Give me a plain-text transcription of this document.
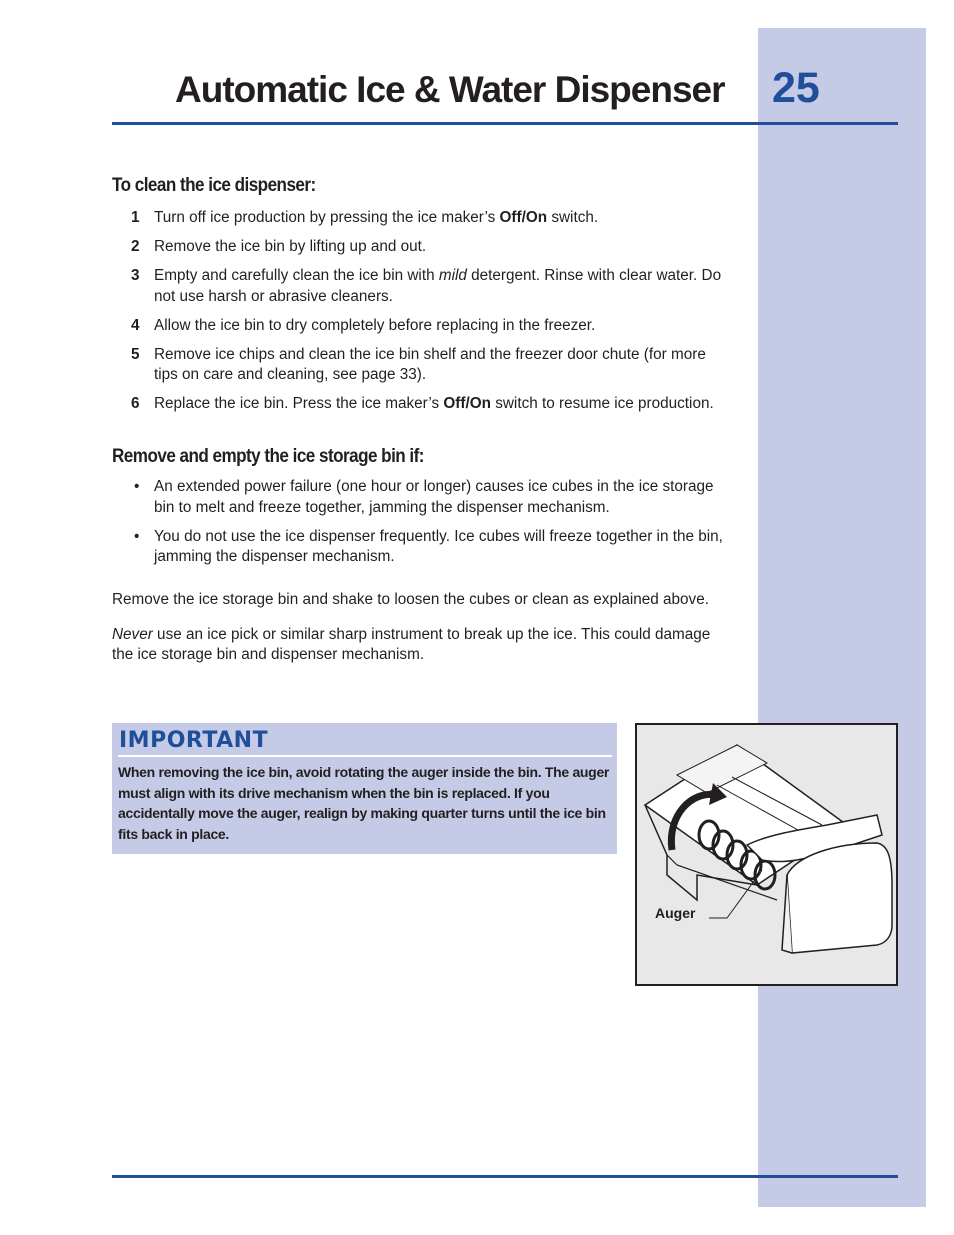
Automatic Ice & Water Dispenser 25
To clean the ice dispenser:
1 Turn off ice production by pressing the ice maker’s Off/On switch.
2 Remove the ice bin by lifting up and out.
3 Empty and carefully clean the ice bin with mild detergent. Rinse with clear water. Do not use harsh or abrasive cleaners.
4 Allow the ice bin to dry completely before replacing in the freezer.
5 Remove ice chips and clean the ice bin shelf and the freezer door chute (for more tips on care and cleaning, see page 33).
6 Replace the ice bin. Press the ice maker’s Off/On switch to resume ice production.
Remove and empty the ice storage bin if:
• An extended power failure (one hour or longer) causes ice cubes in the ice storage bin to melt and freeze together, jamming the dispenser mechanism.
• You do not use the ice dispenser frequently. Ice cubes will freeze together in the bin, jamming the dispenser mechanism.

Remove the ice storage bin and shake to loosen the cubes or clean as explained above.

Never use an ice pick or similar sharp instrument to break up the ice. This could damage the ice storage bin and dispenser mechanism.

IMPORTANT
When removing the ice bin, avoid rotating the auger inside the bin. The auger must align with its drive mechanism when the bin is replaced. If you accidentally move the auger, realign by making quarter turns until the ice bin fits back in place.
Auger
